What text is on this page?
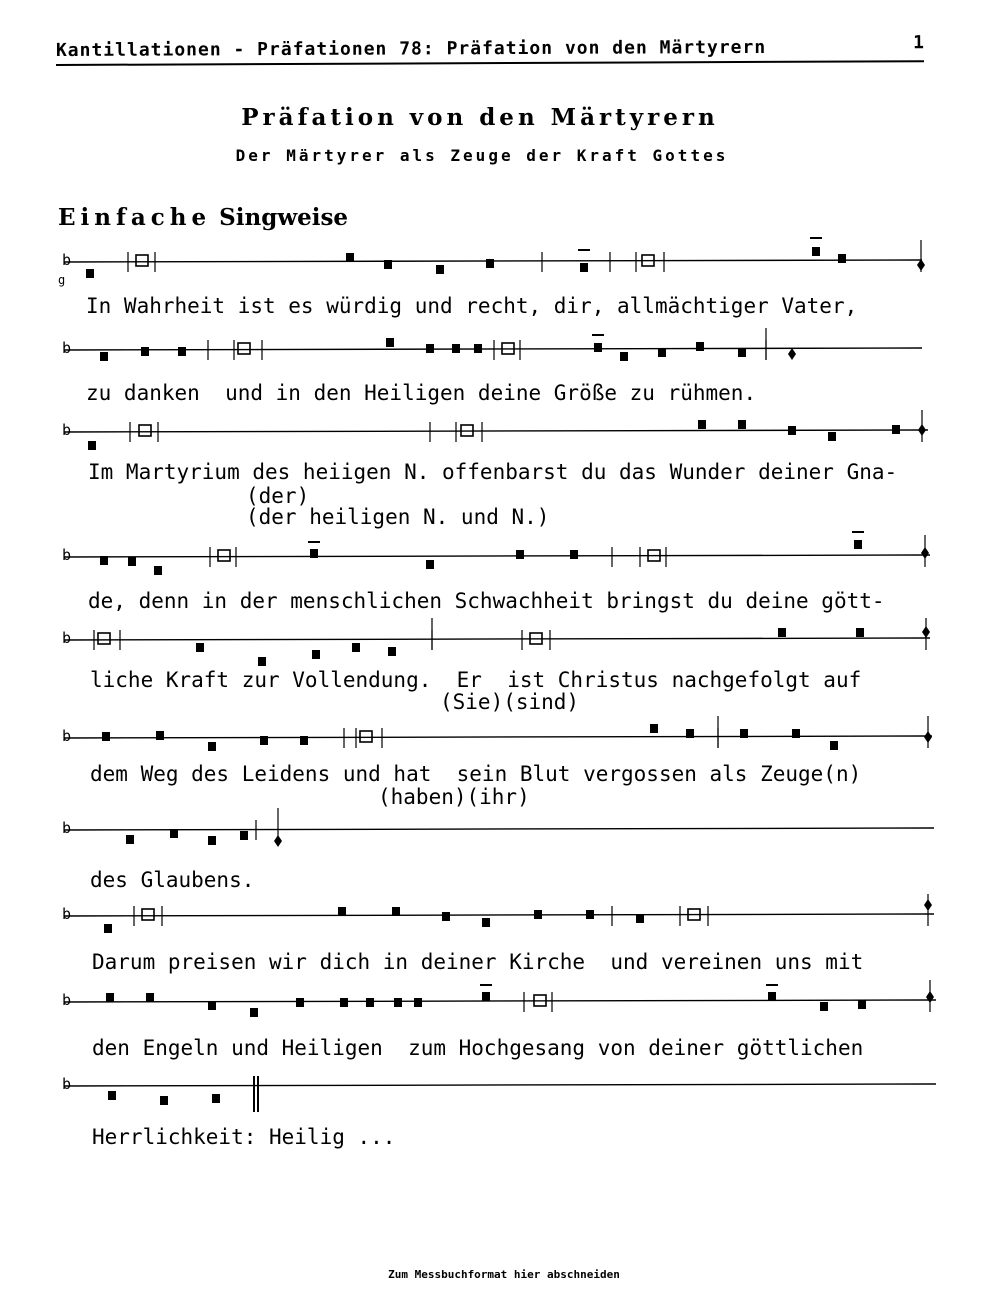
Kantillationen - Präfationen 78: Präfation von den Märtyrern	1
Präfation von den Märtyrern
Der Märtyrer als Zeuge der Kraft Gottes
Einfache Singweise
b
g
b
b
b
b
b
b
b
b
b
In Wahrheit ist es würdig und recht, dir, allmächtiger Vater,
zu danken  und in den Heiligen deine Größe zu rühmen.
Im Martyrium des heiigen N. offenbarst du das Wunder deiner Gna-
(der)
(der heiligen N. und N.)
de, denn in der menschlichen Schwachheit bringst du deine gött-
liche Kraft zur Vollendung.  Er  ist Christus nachgefolgt auf
(Sie)(sind)
dem Weg des Leidens und hat  sein Blut vergossen als Zeuge(n)
(haben)(ihr)
des Glaubens.
Darum preisen wir dich in deiner Kirche  und vereinen uns mit
den Engeln und Heiligen  zum Hochgesang von deiner göttlichen
Herrlichkeit: Heilig ...
Zum Messbuchformat hier abschneiden
